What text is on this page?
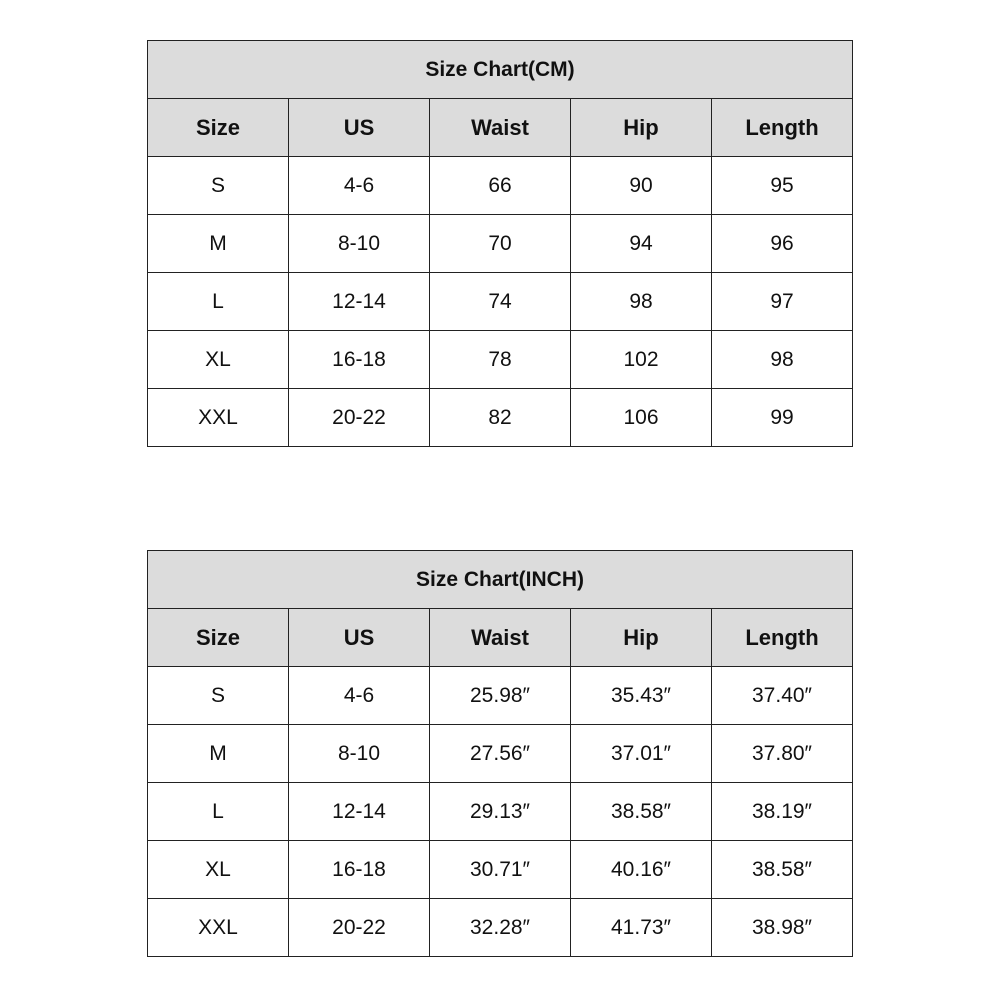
Size Chart(CM)				
Size	US	Waist	Hip	Length
S	4-6	66	90	95
M	8-10	70	94	96
L	12-14	74	98	97
XL	16-18	78	102	98
XXL	20-22	82	106	99
Size Chart(INCH)				
Size	US	Waist	Hip	Length
S	4-6	25.98″	35.43″	37.40″
M	8-10	27.56″	37.01″	37.80″
L	12-14	29.13″	38.58″	38.19″
XL	16-18	30.71″	40.16″	38.58″
XXL	20-22	32.28″	41.73″	38.98″
